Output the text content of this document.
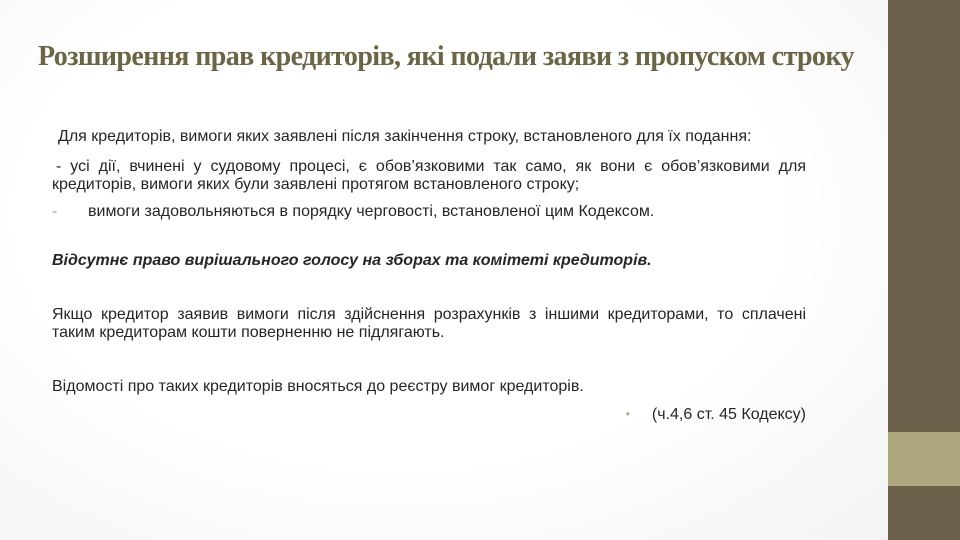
Розширення прав кредиторів, які подали заяви з пропуском строку

Для кредиторів, вимоги яких заявлені після закінчення строку, встановленого для їх подання:

- усі дії, вчинені у судовому процесі, є обов’язковими так само, як вони є обов’язковими для кредиторів, вимоги яких були заявлені протягом встановленого строку;

- вимоги задовольняються в порядку черговості, встановленої цим Кодексом.

Відсутнє право вирішального голосу на зборах та комітеті кредиторів.

Якщо кредитор заявив вимоги після здійснення розрахунків з іншими кредиторами, то сплачені таким кредиторам кошти поверненню не підлягають.

Відомості про таких кредиторів вносяться до реєстру вимог кредиторів.

• (ч.4,6 ст. 45 Кодексу)
